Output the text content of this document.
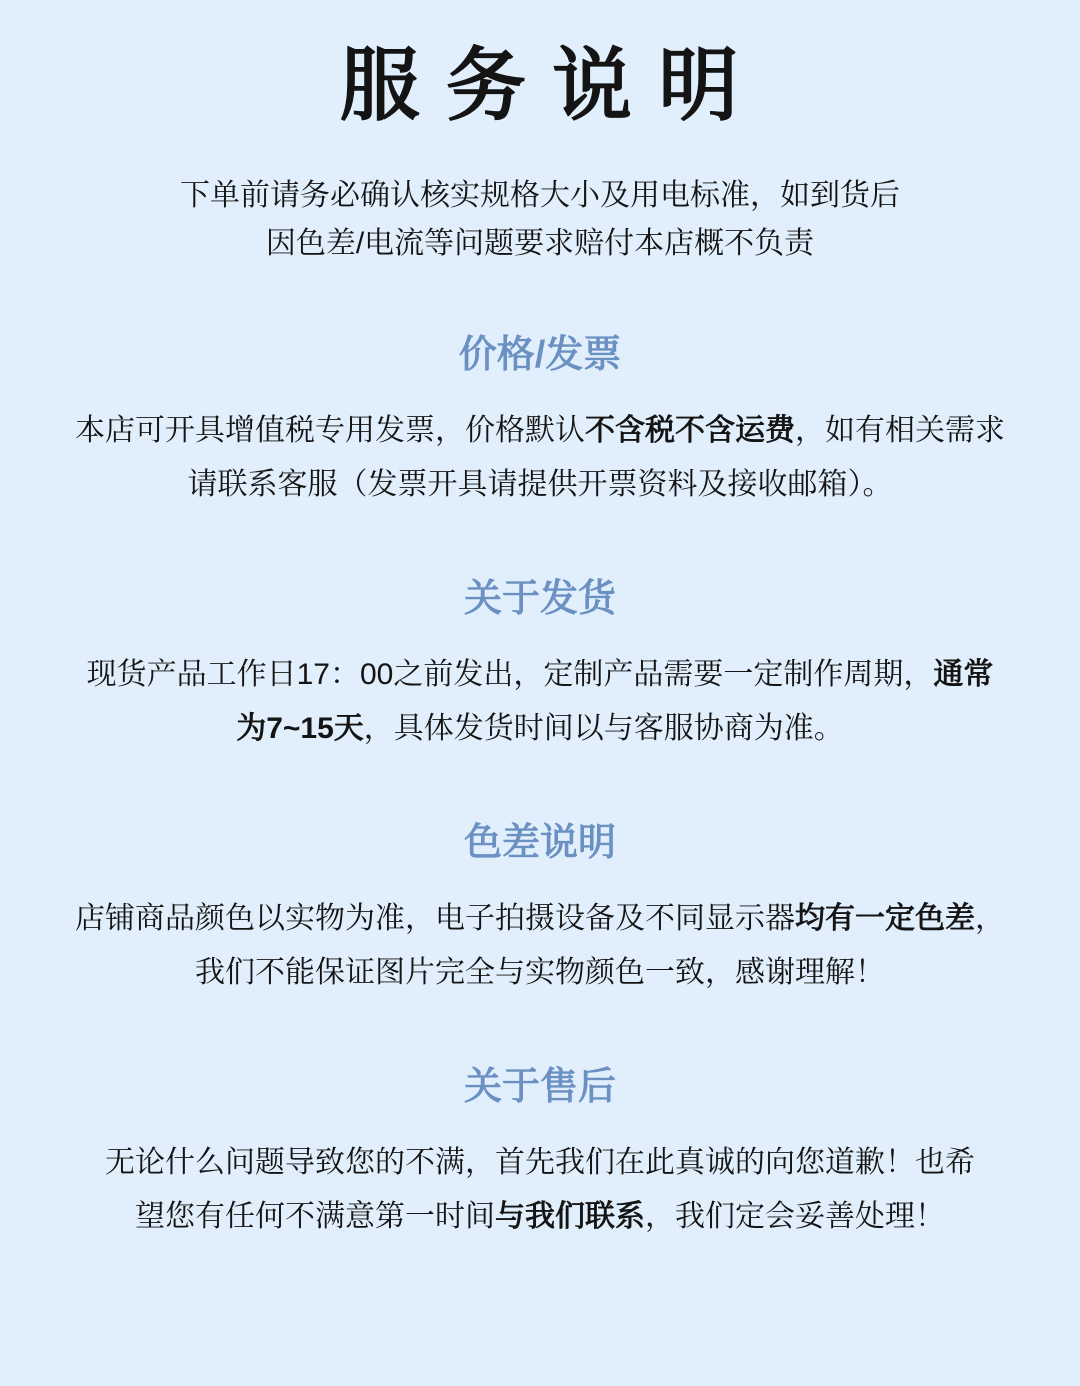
服 务 说 明
下单前请务必确认核实规格大小及用电标准，如到货后
因色差/电流等问题要求赔付本店概不负责
价格/发票
本店可开具增值税专用发票，价格默认不含税不含运费，如有相关需求
请联系客服（发票开具请提供开票资料及接收邮箱）。
关于发货
现货产品工作日17：00之前发出，定制产品需要一定制作周期，通常
为7~15天，具体发货时间以与客服协商为准。
色差说明
店铺商品颜色以实物为准，电子拍摄设备及不同显示器均有一定色差，
我们不能保证图片完全与实物颜色一致，感谢理解！
关于售后
无论什么问题导致您的不满，首先我们在此真诚的向您道歉！也希
望您有任何不满意第一时间与我们联系，我们定会妥善处理！
